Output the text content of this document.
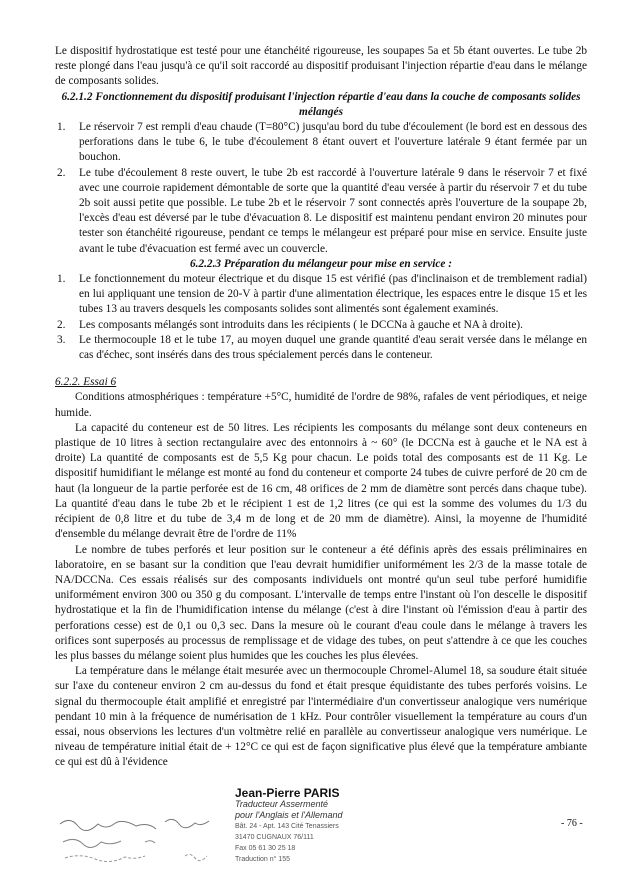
Le dispositif hydrostatique est testé pour une étanchéité rigoureuse, les soupapes 5a et 5b étant ouvertes. Le tube 2b reste plongé dans l'eau jusqu'à ce qu'il soit raccordé au dispositif produisant l'injection répartie d'eau dans le mélange de composants solides.

6.2.1.2 Fonctionnement du dispositif produisant l'injection répartie d'eau dans la couche de composants solides mélangés

1. Le réservoir 7 est rempli d'eau chaude (T=80°C) jusqu'au bord du tube d'écoulement (le bord est en dessous des perforations dans le tube 6, le tube d'écoulement 8 étant ouvert et l'ouverture latérale 9 étant fermée par un bouchon.
2. Le tube d'écoulement 8 reste ouvert, le tube 2b est raccordé à l'ouverture latérale 9 dans le réservoir 7 et fixé avec une courroie rapidement démontable de sorte que la quantité d'eau versée à partir du réservoir 7 et du tube 2b soit aussi petite que possible. Le tube 2b et le réservoir 7 sont connectés après l'ouverture de la soupape 2b, l'excès d'eau est déversé par le tube d'évacuation 8. Le dispositif est maintenu pendant environ 20 minutes pour tester son étanchéité rigoureuse, pendant ce temps le mélangeur est préparé pour mise en service. Ensuite juste avant le tube d'évacuation est fermé avec un couvercle.

6.2.2.3 Préparation du mélangeur pour mise en service :

1. Le fonctionnement du moteur électrique et du disque 15 est vérifié (pas d'inclinaison et de tremblement radial) en lui appliquant une tension de 20-V à partir d'une alimentation électrique, les espaces entre le disque 15 et les tubes 13 au travers desquels les composants solides sont alimentés sont également examinés.
2. Les composants mélangés sont introduits dans les récipients ( le DCCNa à gauche et NA à droite).
3. Le thermocouple 18 et le tube 17, au moyen duquel une grande quantité d'eau serait versée dans le mélange en cas d'échec, sont insérés dans des trous spécialement percés dans le conteneur.

6.2.2. Essai 6

Conditions atmosphériques : température +5°C, humidité de l'ordre de 98%, rafales de vent périodiques, et neige humide.

La capacité du conteneur est de 50 litres. Les récipients les composants du mélange sont deux conteneurs en plastique de 10 litres à section rectangulaire avec des entonnoirs à ~ 60° (le DCCNa est à gauche et le NA est à droite) La quantité de composants est de 5,5 Kg pour chacun. Le poids total des composants est de 11 Kg. Le dispositif humidifiant le mélange est monté au fond du conteneur et comporte 24 tubes de cuivre perforé de 20 cm de haut (la longueur de la partie perforée est de 16 cm, 48 orifices de 2 mm de diamètre sont percés dans chaque tube). La quantité d'eau dans le tube 2b et le récipient 1 est de 1,2 litres (ce qui est la somme des volumes du 1/3 du récipient de 0,8 litre et du tube de 3,4 m de long et de 20 mm de diamètre). Ainsi, la moyenne de l'humidité d'ensemble du mélange devrait être de l'ordre de 11%

Le nombre de tubes perforés et leur position sur le conteneur a été définis après des essais préliminaires en laboratoire, en se basant sur la condition que l'eau devrait humidifier uniformément les 2/3 de la masse totale de NA/DCCNa. Ces essais réalisés sur des composants individuels ont montré qu'un seul tube perforé humidifie uniformément environ 300 ou 350 g du composant. L'intervalle de temps entre l'instant où l'on descelle le dispositif hydrostatique et la fin de l'humidification intense du mélange (c'est à dire l'instant où l'émission d'eau à partir des perforations cesse) est de 0,1 ou 0,3 sec. Dans la mesure où le courant d'eau coule dans le mélange à travers les orifices sont superposés au processus de remplissage et de vidage des tubes, on peut s'attendre à ce que les couches les plus basses du mélange soient plus humides que les couches les plus élevées.

La température dans le mélange était mesurée avec un thermocouple Chromel-Alumel 18, sa soudure était située sur l'axe du conteneur environ 2 cm au-dessus du fond et était presque équidistante des tubes perforés voisins. Le signal du thermocouple était amplifié et enregistré par l'intermédiaire d'un convertisseur analogique vers numérique pendant 10 min à la fréquence de numérisation de 1 kHz. Pour contrôler visuellement la température au cours d'un essai, nous observions les lectures d'un voltmètre relié en parallèle au convertisseur analogique vers numérique. Le niveau de température initial était de + 12°C ce qui est de façon significative plus élevé que la température ambiante ce qui est dû à l'évidence

Jean-Pierre PARIS
Traducteur Assermenté
pour l'Anglais et l'Allemand
Bât. 24 - Apt. 143 Cité Tenassiers
31470 CUGNAUX 76/111
Fax 05 61 30 25 18
Traduction n° 155
- 76 -
